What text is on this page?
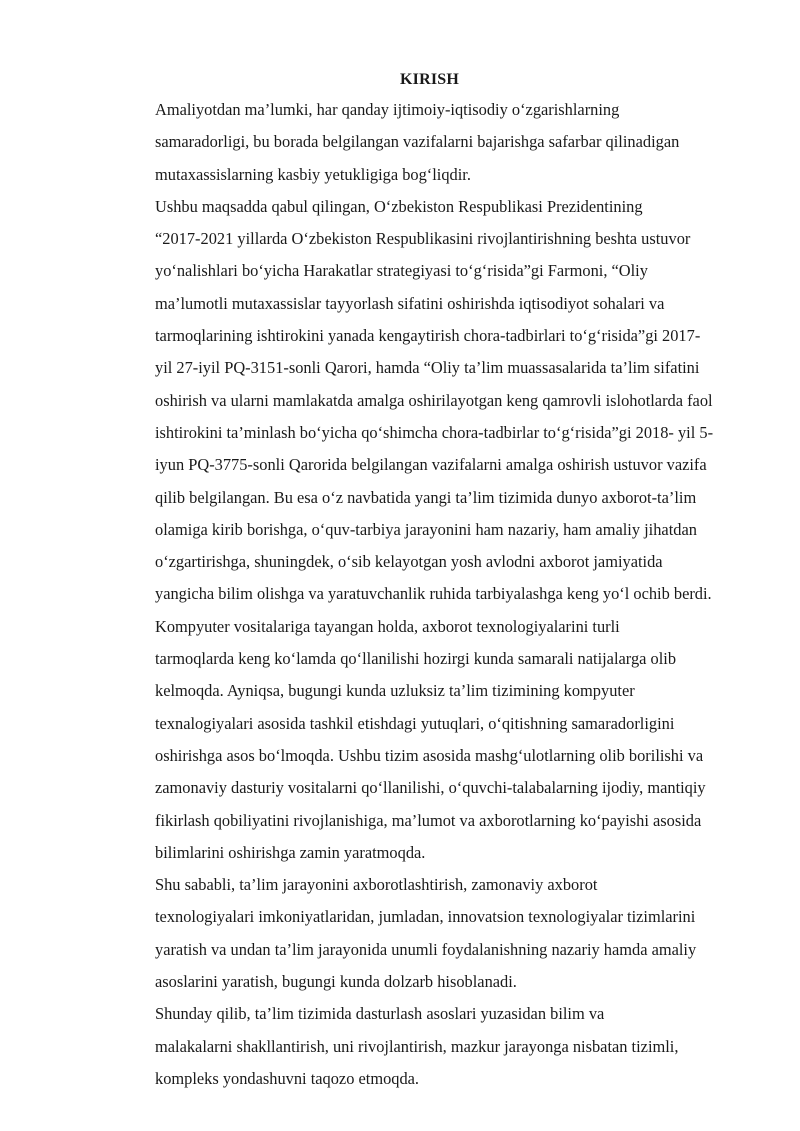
KIRISH

Amaliyotdan ma’lumki, har qanday ijtimoiy-iqtisodiy o‘zgarishlarning
samaradorligi, bu borada belgilangan vazifalarni bajarishga safarbar qilinadigan
mutaxassislarning kasbiy yetukligiga bog‘liqdir.

Ushbu maqsadda qabul qilingan, O‘zbekiston Respublikasi Prezidentining
“2017-2021 yillarda O‘zbekiston Respublikasini rivojlantirishning beshta ustuvor
yo‘nalishlari bo‘yicha Harakatlar strategiyasi to‘g‘risida”gi Farmoni, “Oliy
ma’lumotli mutaxassislar tayyorlash sifatini oshirishda iqtisodiyot sohalari va
tarmoqlarining ishtirokini yanada kengaytirish chora-tadbirlari to‘g‘risida”gi 2017-
yil 27-iyil PQ-3151-sonli Qarori, hamda “Oliy ta’lim muassasalarida ta’lim sifatini
oshirish va ularni mamlakatda amalga oshirilayotgan keng qamrovli islohotlarda faol
ishtirokini ta’minlash bo‘yicha qo‘shimcha chora-tadbirlar to‘g‘risida”gi 2018- yil 5-
iyun PQ-3775-sonli Qarorida belgilangan vazifalarni amalga oshirish ustuvor vazifa
qilib belgilangan. Bu esa o‘z navbatida yangi ta’lim tizimida dunyo axborot-ta’lim
olamiga kirib borishga, o‘quv-tarbiya jarayonini ham nazariy, ham amaliy jihatdan
o‘zgartirishga, shuningdek, o‘sib kelayotgan yosh avlodni axborot jamiyatida
yangicha bilim olishga va yaratuvchanlik ruhida tarbiyalashga keng yo‘l ochib berdi.

Kompyuter vositalariga tayangan holda, axborot texnologiyalarini turli
tarmoqlarda keng ko‘lamda qo‘llanilishi hozirgi kunda samarali natijalarga olib
kelmoqda. Ayniqsa, bugungi kunda uzluksiz ta’lim tizimining kompyuter
texnalogiyalari asosida tashkil etishdagi yutuqlari, o‘qitishning samaradorligini
oshirishga asos bo‘lmoqda. Ushbu tizim asosida mashg‘ulotlarning olib borilishi va
zamonaviy dasturiy vositalarni qo‘llanilishi, o‘quvchi-talabalarning ijodiy, mantiqiy
fikirlash qobiliyatini rivojlanishiga, ma’lumot va axborotlarning ko‘payishi asosida
bilimlarini oshirishga zamin yaratmoqda.

Shu sababli, ta’lim jarayonini axborotlashtirish, zamonaviy axborot
texnologiyalari imkoniyatlaridan, jumladan, innovatsion texnologiyalar tizimlarini
yaratish va undan ta’lim jarayonida unumli foydalanishning nazariy hamda amaliy
asoslarini yaratish, bugungi kunda dolzarb hisoblanadi.

Shunday qilib, ta’lim tizimida dasturlash asoslari yuzasidan bilim va
malakalarni shakllantirish, uni rivojlantirish, mazkur jarayonga nisbatan tizimli,
kompleks yondashuvni taqozo etmoqda.
